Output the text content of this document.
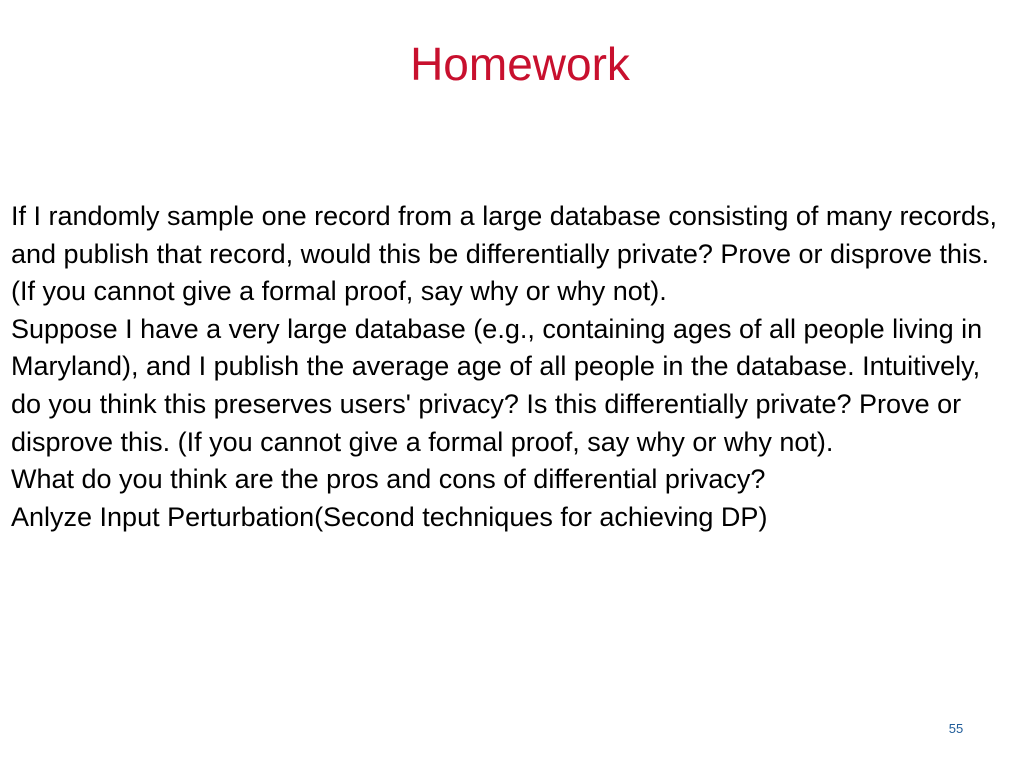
Homework

If I randomly sample one record from a large database consisting of many records, and publish that record, would this be differentially private? Prove or disprove this. (If you cannot give a formal proof, say why or why not).

Suppose I have a very large database (e.g., containing ages of all people living in Maryland), and I publish the average age of all people in the database. Intuitively, do you think this preserves users' privacy? Is this differentially private? Prove or disprove this. (If you cannot give a formal proof, say why or why not).

What do you think are the pros and cons of differential privacy?

Anlyze Input Perturbation(Second techniques for achieving DP)

55
